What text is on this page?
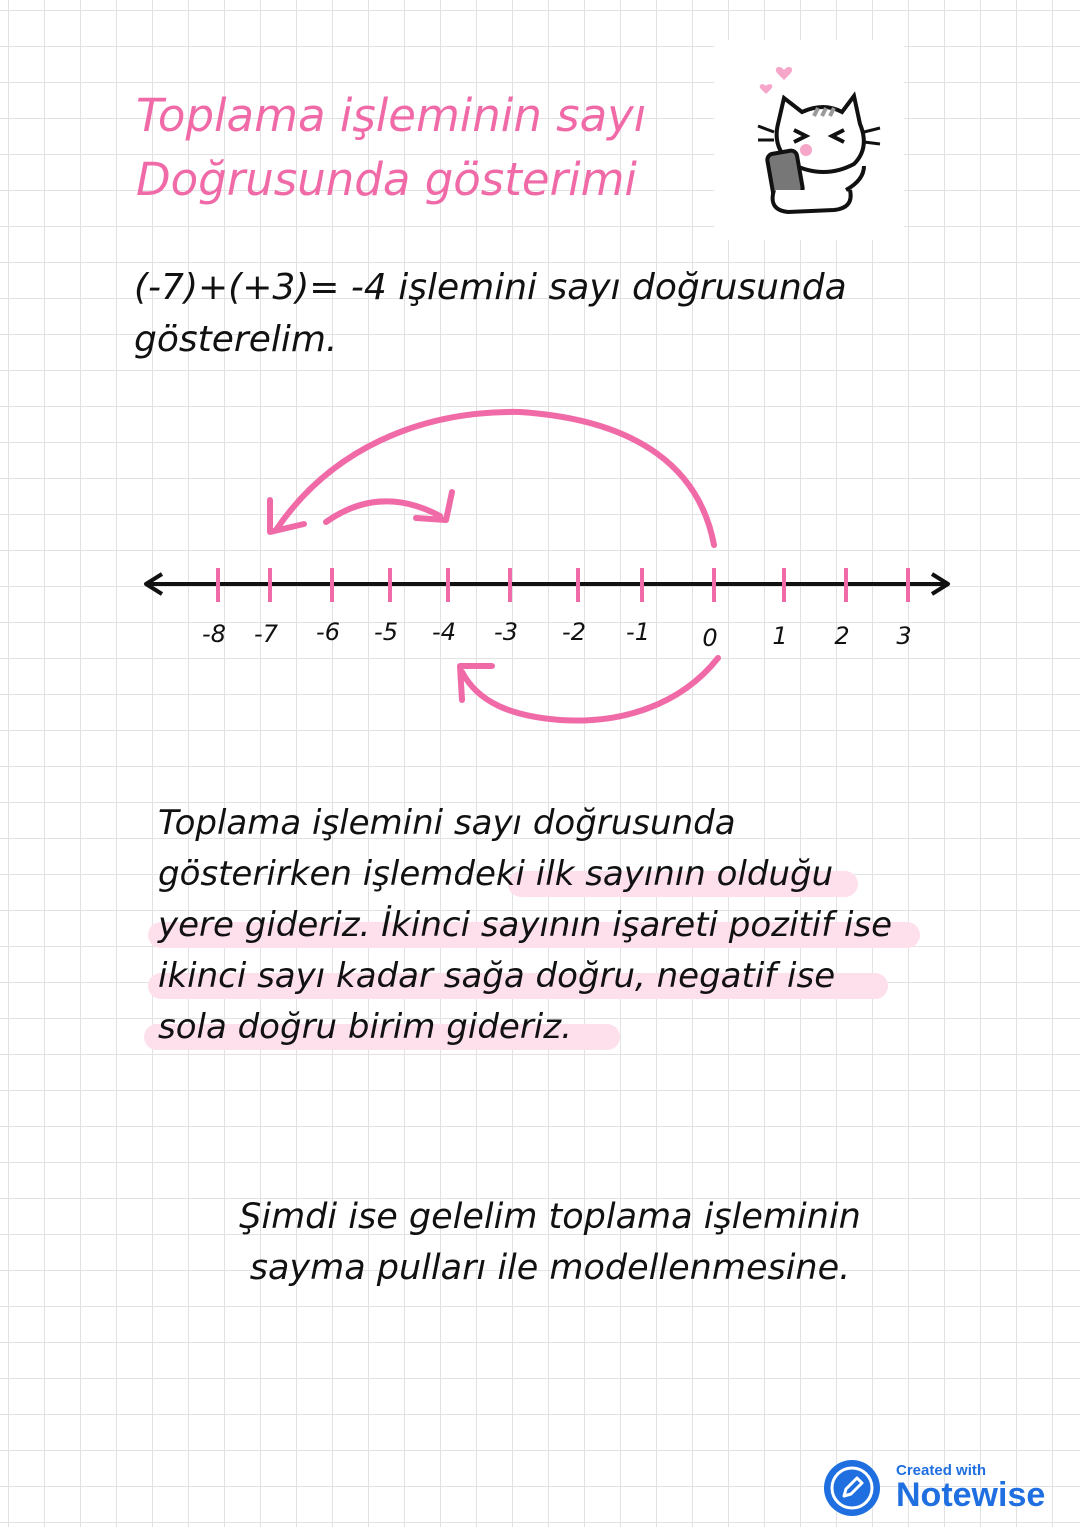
Toplama işleminin sayı
Doğrusunda gösterimi
(-7)+(+3)= -4 işlemini sayı doğrusunda
gösterelim.
-8 -7 -6 -5 -4 -3 -2 -1 0 1 2 3
Toplama işlemini sayı doğrusunda
gösterirken işlemdeki ilk sayının olduğu
yere gideriz. İkinci sayının işareti pozitif ise
ikinci sayı kadar sağa doğru, negatif ise
sola doğru birim gideriz.
Şimdi ise gelelim toplama işleminin
sayma pulları ile modellenmesine.
Created with
Notewise
